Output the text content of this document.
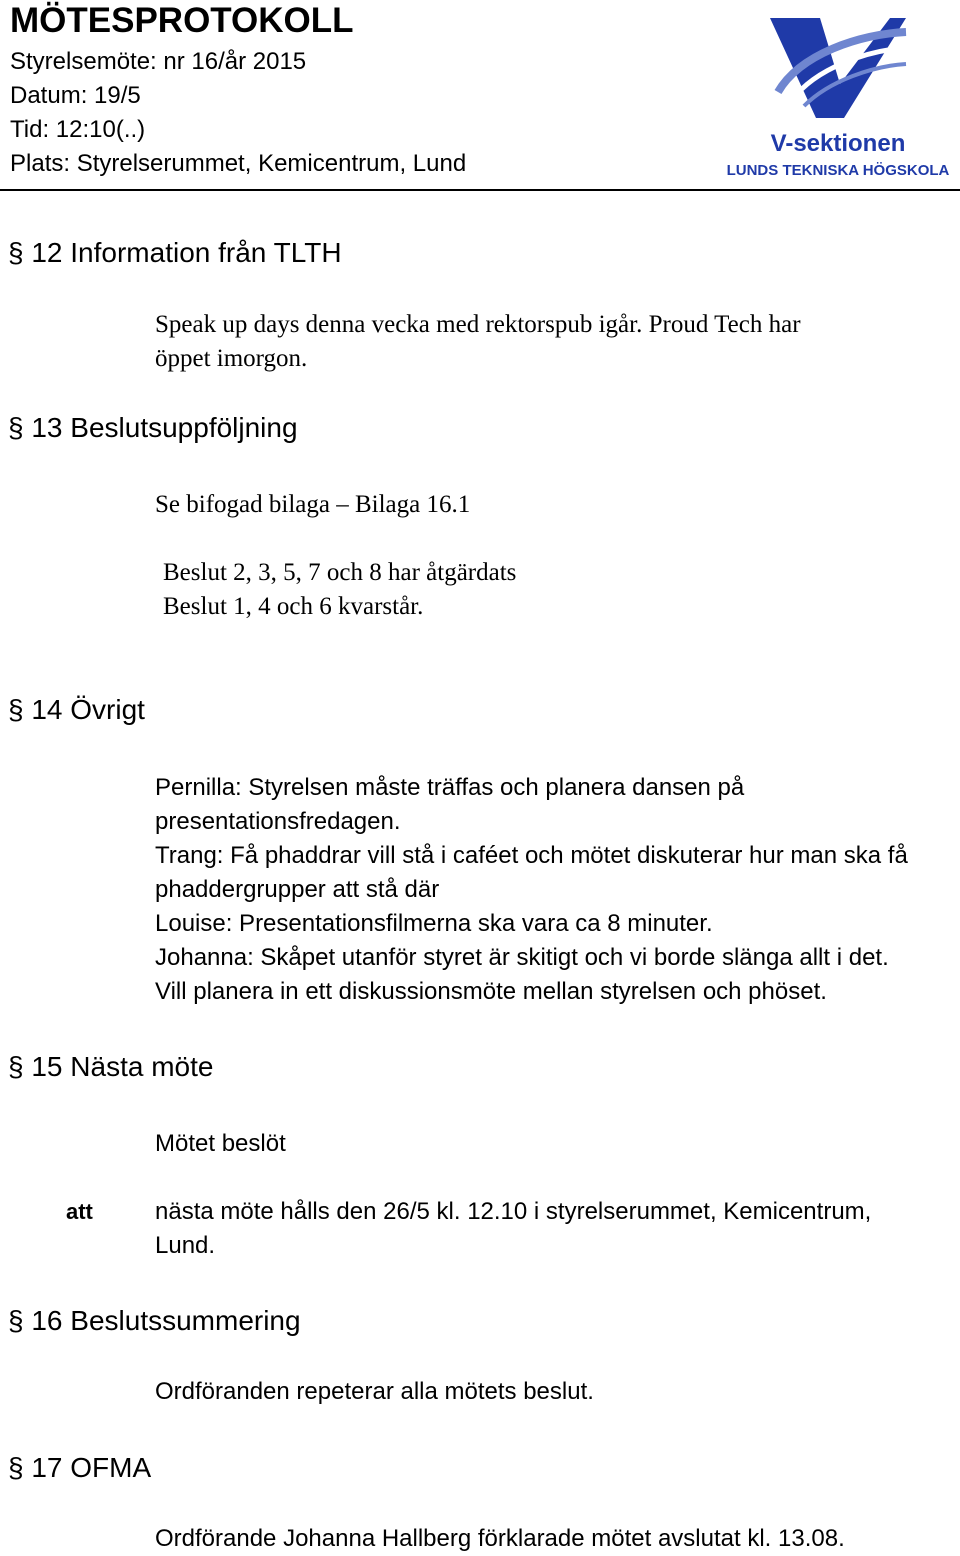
MÖTESPROTOKOLL
Styrelsemöte: nr 16/år 2015
Datum: 19/5
Tid: 12:10(..)
Plats: Styrelserummet, Kemicentrum, Lund
V-sektionen
LUNDS TEKNISKA HÖGSKOLA
§ 12 Information från TLTH
Speak up days denna vecka med rektorspub igår. Proud Tech har
öppet imorgon.
§ 13 Beslutsuppföljning
Se bifogad bilaga – Bilaga 16.1
Beslut 2, 3, 5, 7 och 8 har åtgärdats
Beslut 1, 4 och 6 kvarstår.
§ 14 Övrigt
Pernilla: Styrelsen måste träffas och planera dansen på
presentationsfredagen.
Trang: Få phaddrar vill stå i caféet och mötet diskuterar hur man ska få
phaddergrupper att stå där
Louise: Presentationsfilmerna ska vara ca 8 minuter.
Johanna: Skåpet utanför styret är skitigt och vi borde slänga allt i det.
Vill planera in ett diskussionsmöte mellan styrelsen och phöset.
§ 15 Nästa möte
Mötet beslöt
att	nästa möte hålls den 26/5 kl. 12.10 i styrelserummet, Kemicentrum,
Lund.
§ 16 Beslutssummering
Ordföranden repeterar alla mötets beslut.
§ 17 OFMA
Ordförande Johanna Hallberg förklarade mötet avslutat kl. 13.08.
